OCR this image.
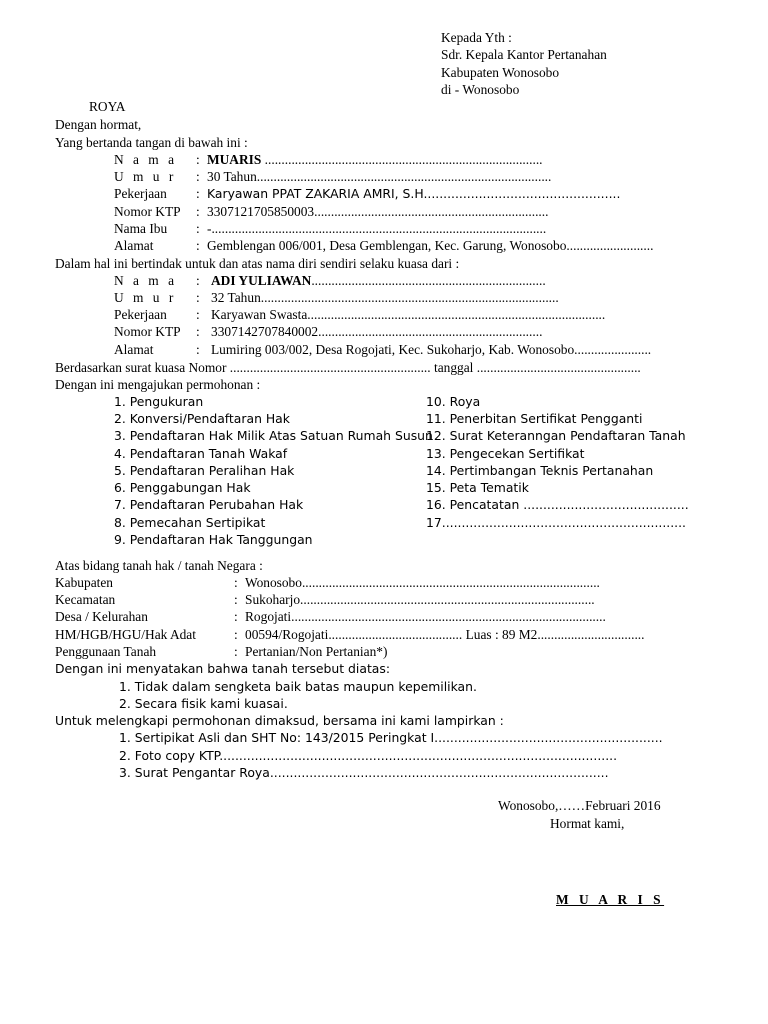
Kepada Yth :
Sdr. Kepala Kantor Pertanahan
Kabupaten Wonosobo
di - Wonosobo
ROYA
Dengan hormat,
Yang bertanda tangan di bawah ini :
N a m a : MUARIS ...................................................................................
U m u r : 30 Tahun........................................................................................
Pekerjaan : Karyawan PPAT ZAKARIA AMRI, S.H..................................................
Nomor KTP : 3307121705850003......................................................................
Nama Ibu : -....................................................................................................
Alamat	: Gemblengan 006/001, Desa Gemblengan, Kec. Garung, Wonosobo..........................
Dalam hal ini bertindak untuk dan atas nama diri sendiri selaku kuasa dari :
N a m a : ADI YULIAWAN......................................................................
U m u r : 32 Tahun.........................................................................................
Pekerjaan : Karyawan Swasta.........................................................................................
Nomor KTP : 3307142707840002...................................................................
Alamat	: Lumiring 003/002, Desa Rogojati, Kec. Sukoharjo, Kab. Wonosobo.......................
Berdasarkan surat kuasa Nomor ............................................................ tanggal .................................................
Dengan ini mengajukan permohonan :
1. Pengukuran
2. Konversi/Pendaftaran Hak
3. Pendaftaran Hak Milik Atas Satuan Rumah Susun
4. Pendaftaran Tanah Wakaf
5. Pendaftaran Peralihan Hak
6. Penggabungan Hak
7. Pendaftaran Perubahan Hak
8. Pemecahan Sertipikat
9. Pendaftaran Hak Tanggungan
10. Roya
11. Penerbitan Sertifikat Pengganti
12. Surat Keteranngan Pendaftaran Tanah
13. Pengecekan Sertifikat
14. Pertimbangan Teknis Pertanahan
15. Peta Tematik
16. Pencatatan ..........................................
17..............................................................
Atas bidang tanah hak / tanah Negara :
Kabupaten	: Wonosobo.........................................................................................
Kecamatan	: Sukoharjo........................................................................................
Desa / Kelurahan	: Rogojati..............................................................................................
HM/HGB/HGU/Hak Adat	: 00594/Rogojati........................................ Luas : 89 M2................................
Penggunaan Tanah	: Pertanian/Non Pertanian*)
Dengan ini menyatakan bahwa tanah tersebut diatas:
1. Tidak dalam sengketa baik batas maupun kepemilikan.
2. Secara fisik kami kuasai.
Untuk melengkapi permohonan dimaksud, bersama ini kami lampirkan :
1. Sertipikat Asli dan SHT No: 143/2015 Peringkat I..........................................................
2. Foto copy KTP.....................................................................................................
3. Surat Pengantar Roya......................................................................................
Wonosobo,……Februari 2016
Hormat kami,
M U A R I S
